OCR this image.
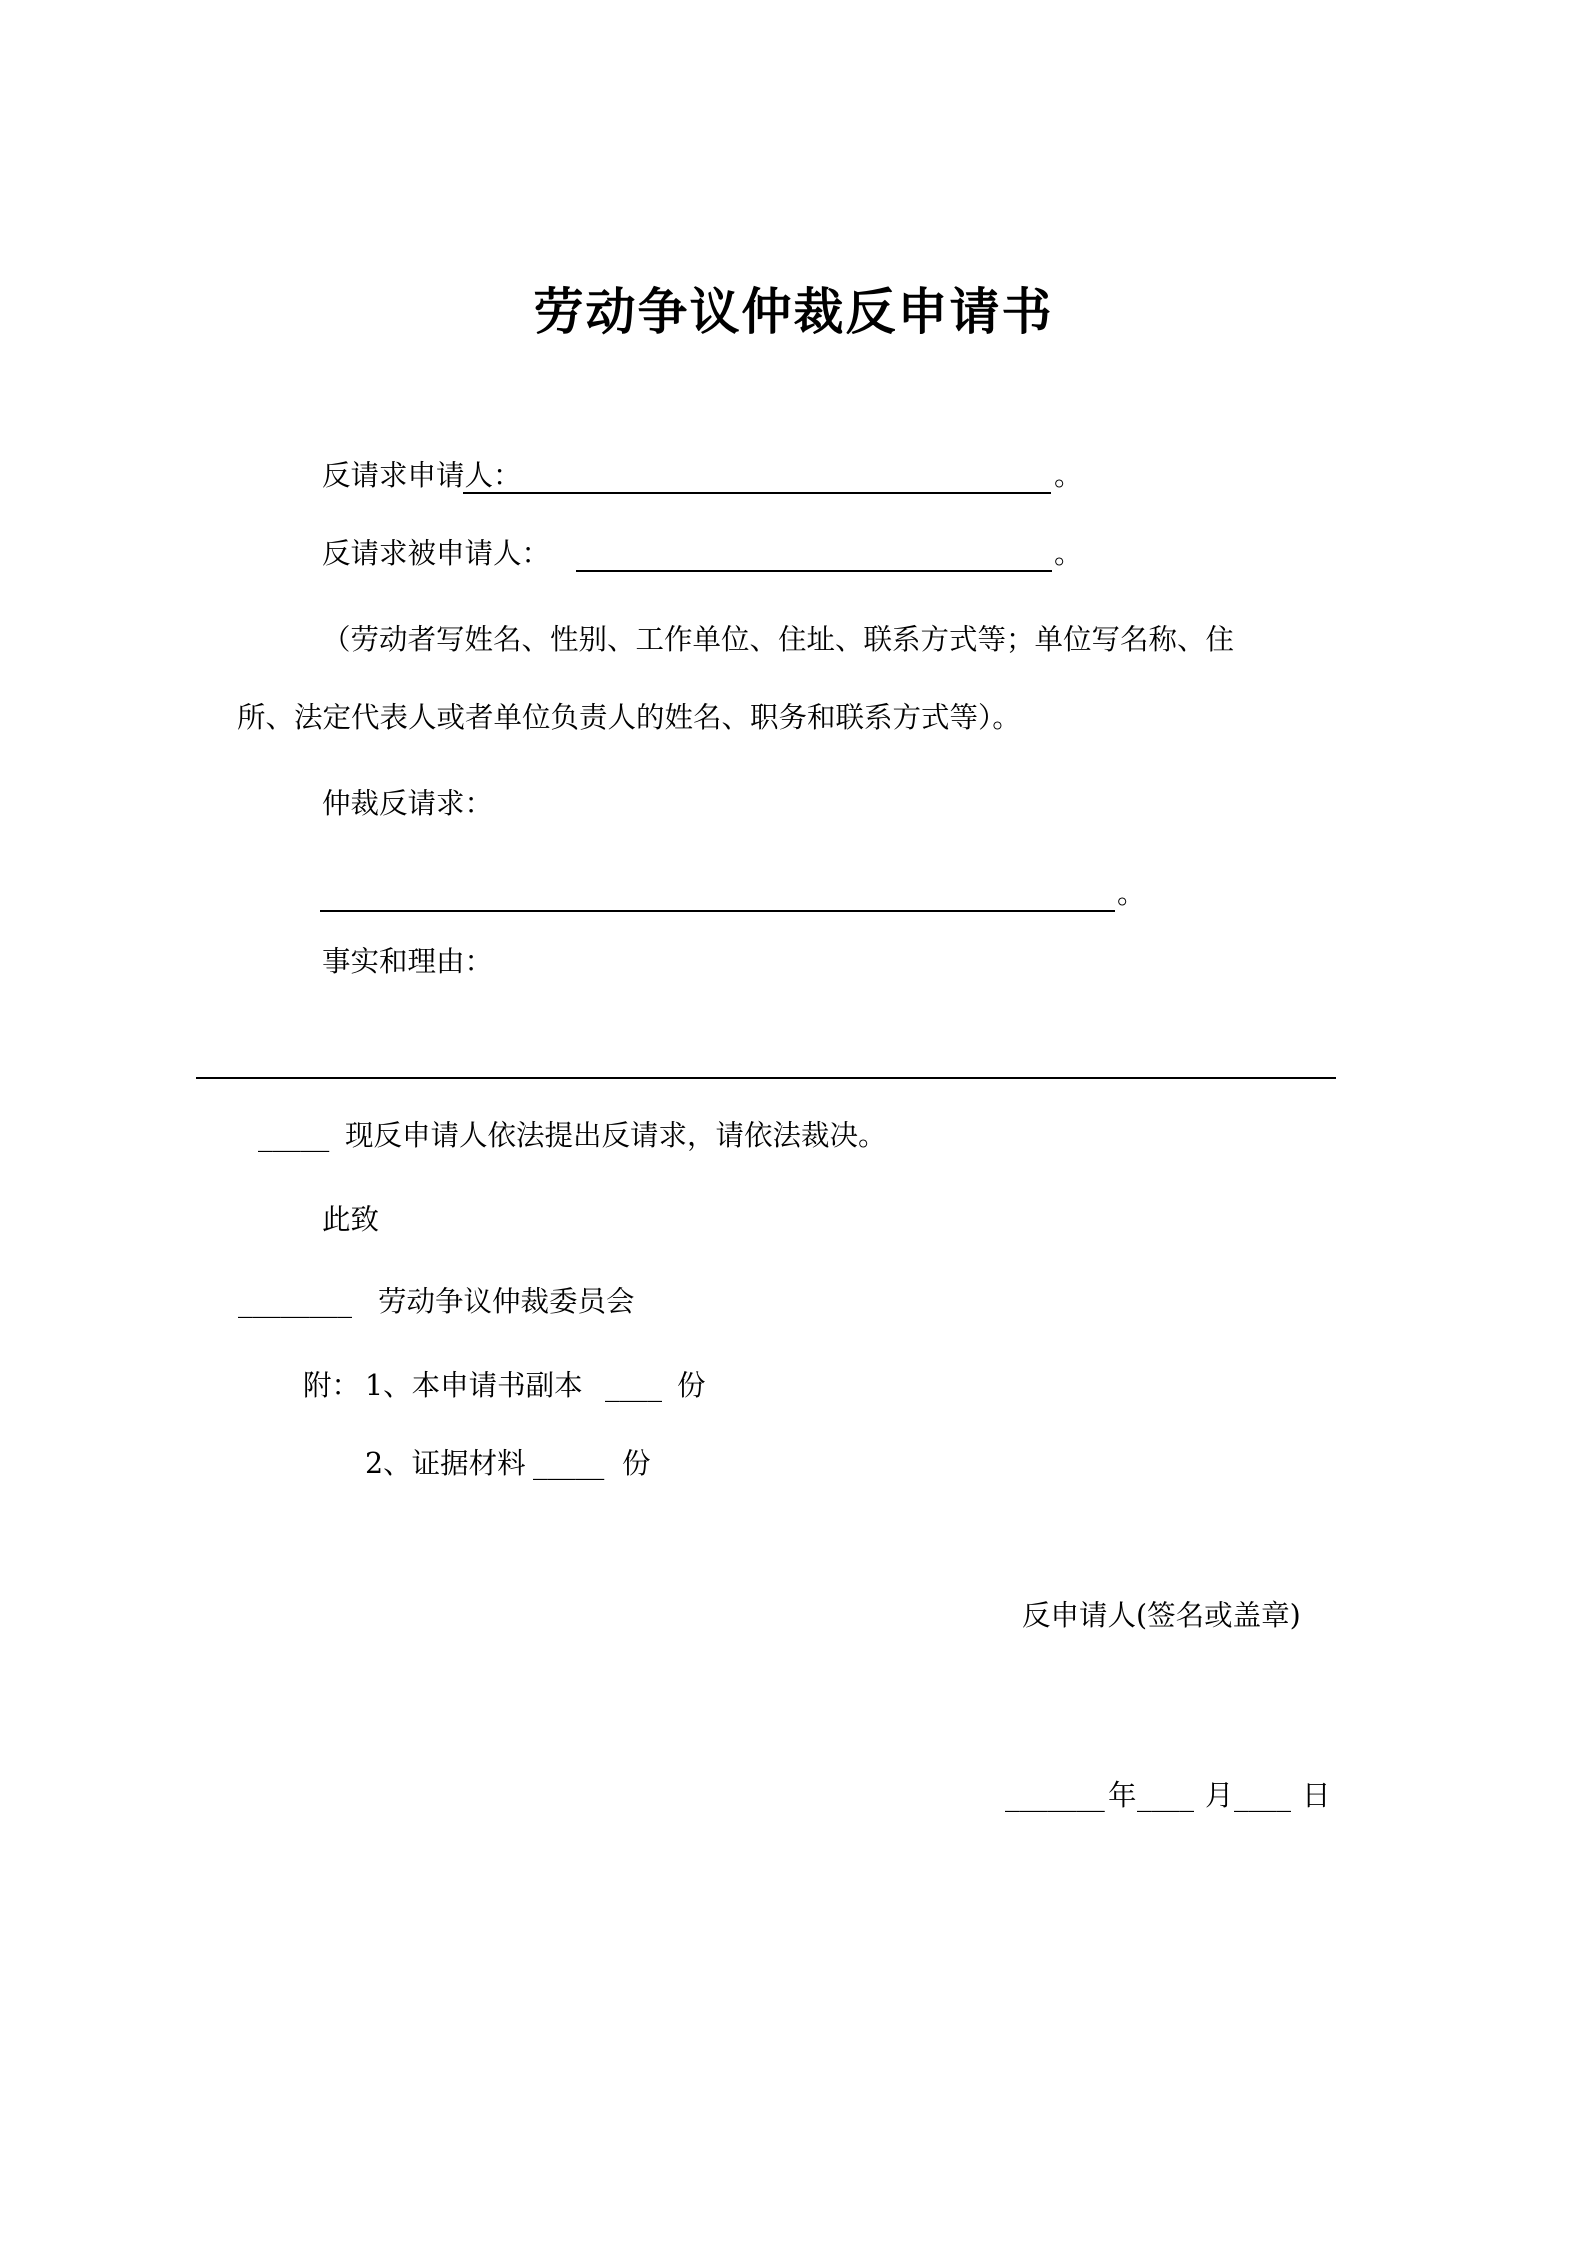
劳动争议仲裁反申请书
反请求申请人：	。
反请求被申请人：	。
（劳动者写姓名、性别、工作单位、住址、联系方式等；单位写名称、住
所、法定代表人或者单位负责人的姓名、职务和联系方式等）。
仲裁反请求：
。
事实和理由：
_____ 现反申请人依法提出反请求，请依法裁决。
此致
________ 劳动争议仲裁委员会
附： 1、本申请书副本 ____ 份
2、证据材料 _____ 份
反申请人(签名或盖章)
_______ 年 ____ 月 ____ 日
